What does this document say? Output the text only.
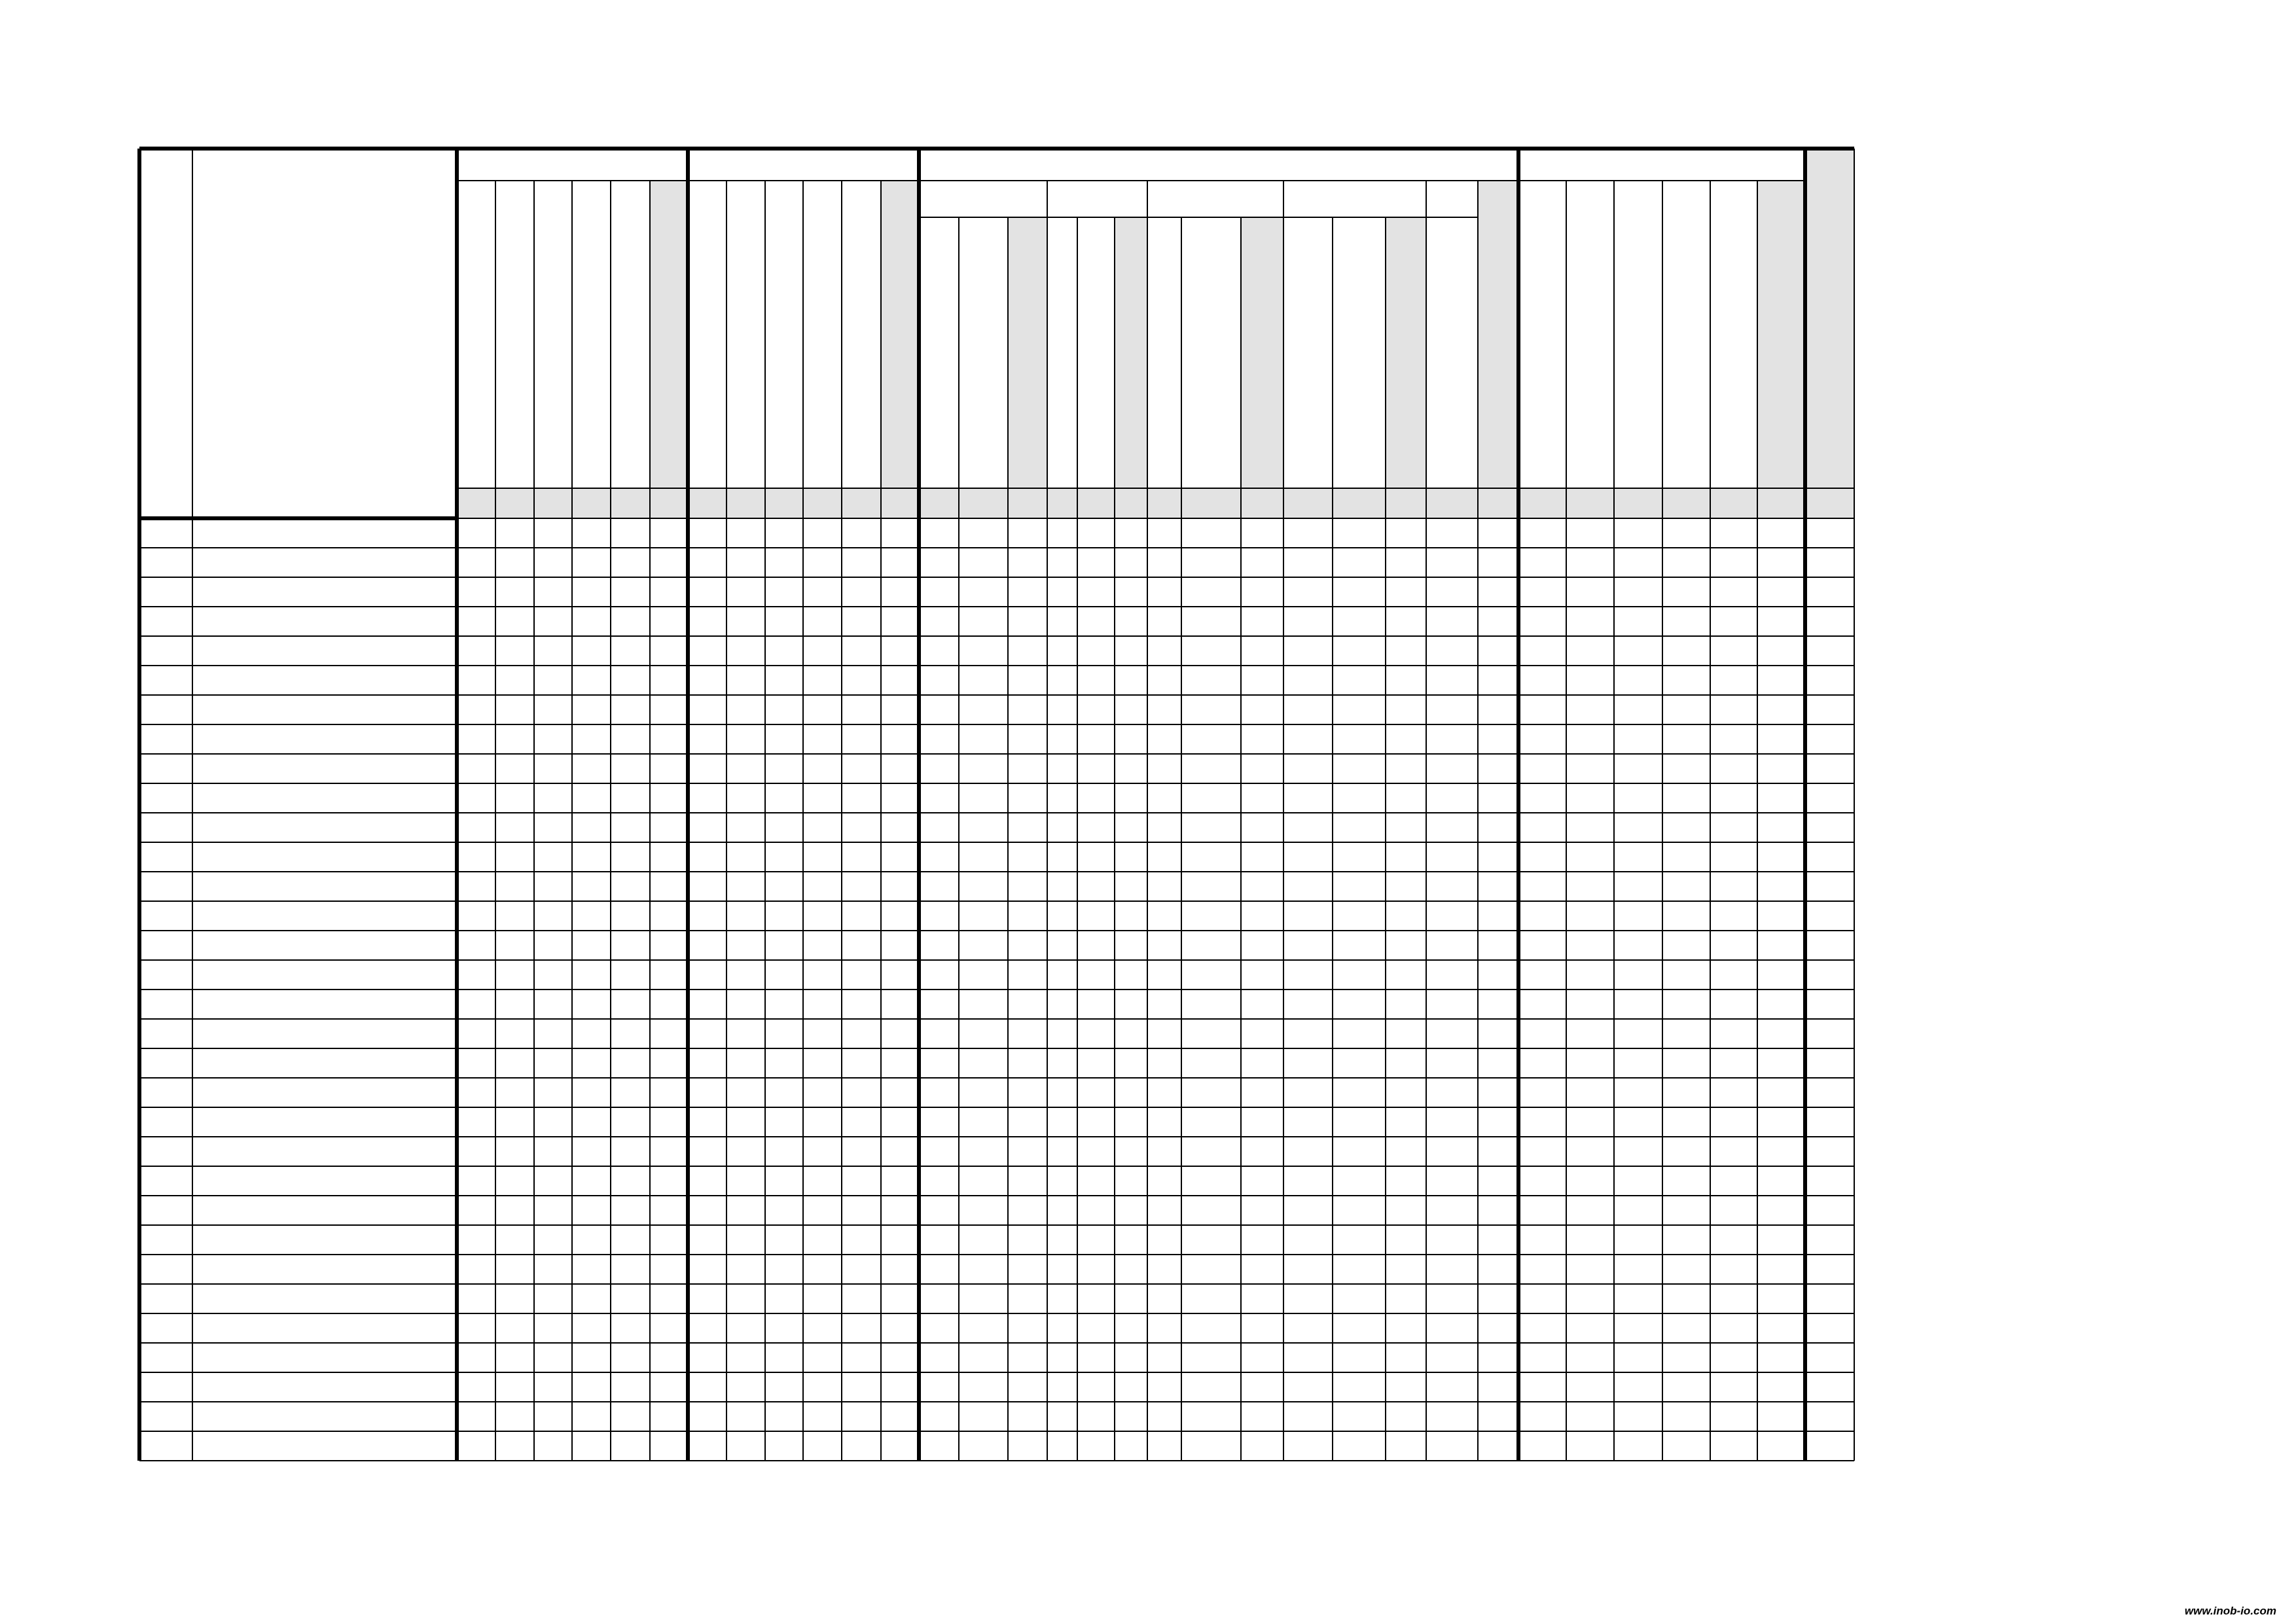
www.inob-io.com
